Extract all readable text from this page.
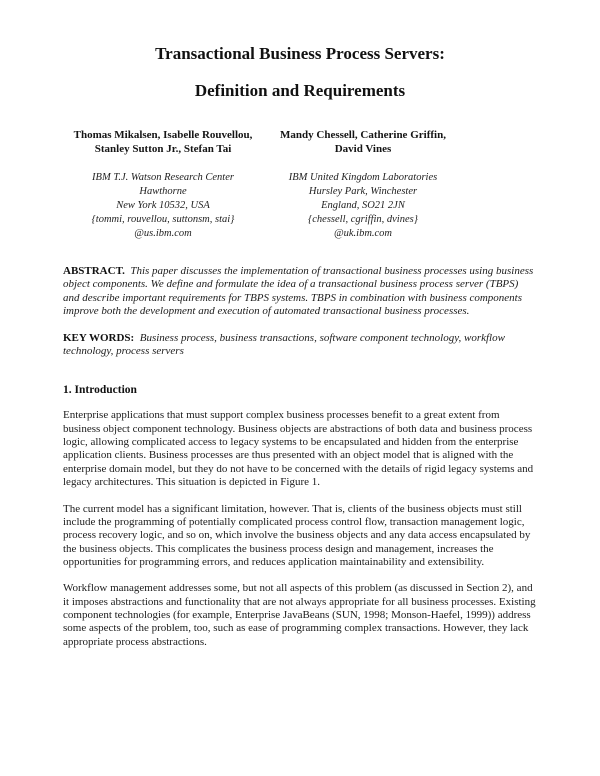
Transactional Business Process Servers:
Definition and Requirements
Thomas Mikalsen, Isabelle Rouvellou,
Stanley Sutton Jr., Stefan Tai
IBM T.J. Watson Research Center
Hawthorne
New York 10532, USA
{tommi, rouvellou, suttonsm, stai}
@us.ibm.com
Mandy Chessell, Catherine Griffin,
David Vines
IBM United Kingdom Laboratories
Hursley Park, Winchester
England, SO21 2JN
{chessell, cgriffin, dvines}
@uk.ibm.com

ABSTRACT. This paper discusses the implementation of transactional business processes using business object components. We define and formulate the idea of a transactional business process server (TBPS) and describe important requirements for TBPS systems. TBPS in combination with business components improve both the development and execution of automated transactional business processes.

KEY WORDS: Business process, business transactions, software component technology, workflow technology, process servers

1. Introduction

Enterprise applications that must support complex business processes benefit to a great extent from business object component technology. Business objects are abstractions of both data and business process logic, allowing complicated access to legacy systems to be encapsulated and hidden from the enterprise application clients. Business processes are thus presented with an object model that is aligned with the enterprise domain model, but they do not have to be concerned with the details of rigid legacy systems and legacy architectures. This situation is depicted in Figure 1.

The current model has a significant limitation, however. That is, clients of the business objects must still include the programming of potentially complicated process control flow, transaction management logic, process recovery logic, and so on, which involve the business objects and any data access encapsulated by the business objects. This complicates the business process design and management, increases the opportunities for programming errors, and reduces application maintainability and extensibility.

Workflow management addresses some, but not all aspects of this problem (as discussed in Section 2), and it imposes abstractions and functionality that are not always appropriate for all business processes. Existing component technologies (for example, Enterprise JavaBeans (SUN, 1998; Monson-Haefel, 1999)) address some aspects of the problem, too, such as ease of programming complex transactions. However, they lack appropriate process abstractions.
